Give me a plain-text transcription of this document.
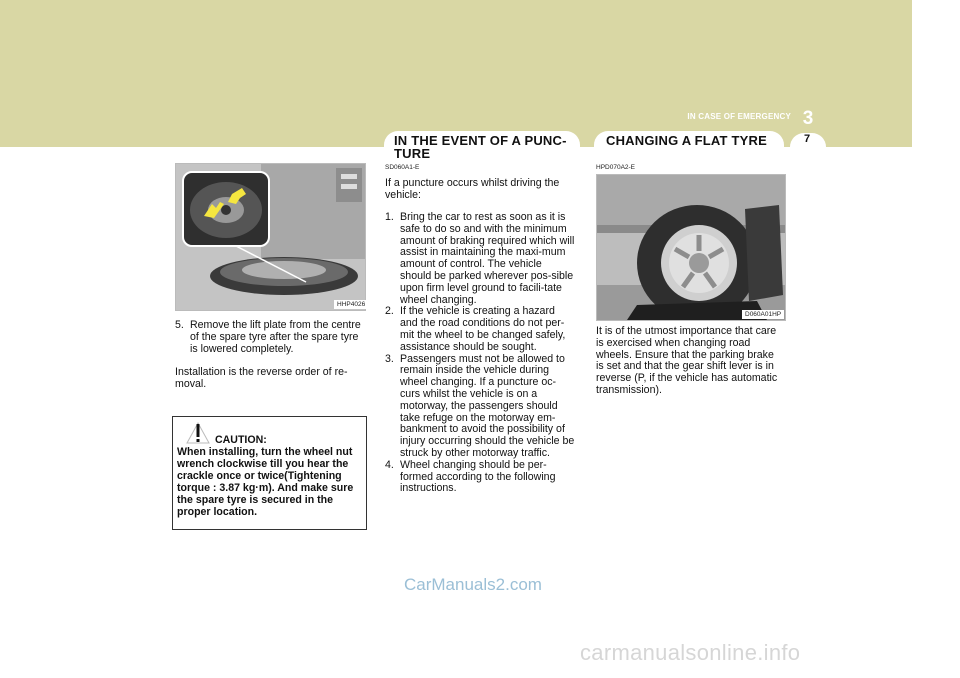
3
IN CASE OF EMERGENCY
IN THE EVENT OF A PUNC-
TURE
CHANGING A FLAT TYRE	7
HHP4026
5. Remove the lift plate from the centre of the spare tyre after the spare tyre is lowered completely.
Installation is the reverse order of re-moval.
CAUTION:
When installing, turn the wheel nut wrench clockwise till you hear the crackle once or twice(Tightening torque : 3.87 kg·m). And make sure the spare tyre is secured in the proper location.
SD060A1-E
If a puncture occurs whilst driving the vehicle:
1. Bring the car to rest as soon as it is safe to do so and with the minimum amount of braking required which will assist in maintaining the maxi-mum amount of control. The vehicle should be parked wherever pos-sible upon firm level ground to facili-tate wheel changing.
2. If the vehicle is creating a hazard and the road conditions do not per-mit the wheel to be changed safely, assistance should be sought.
3. Passengers must not be allowed to remain inside the vehicle during wheel changing. If a puncture oc-curs whilst the vehicle is on a motorway, the passengers should take refuge on the motorway em-bankment to avoid the possibility of injury occurring should the vehicle be struck by other motorway traffic.
4. Wheel changing should be per-formed according to the following instructions.
HPD070A2-E
D060A01HP
It is of the utmost importance that care is exercised when changing road wheels. Ensure that the parking brake is set and that the gear shift lever is in reverse (P, if the vehicle has automatic transmission).
CarManuals2.com
carmanualsonline.info
